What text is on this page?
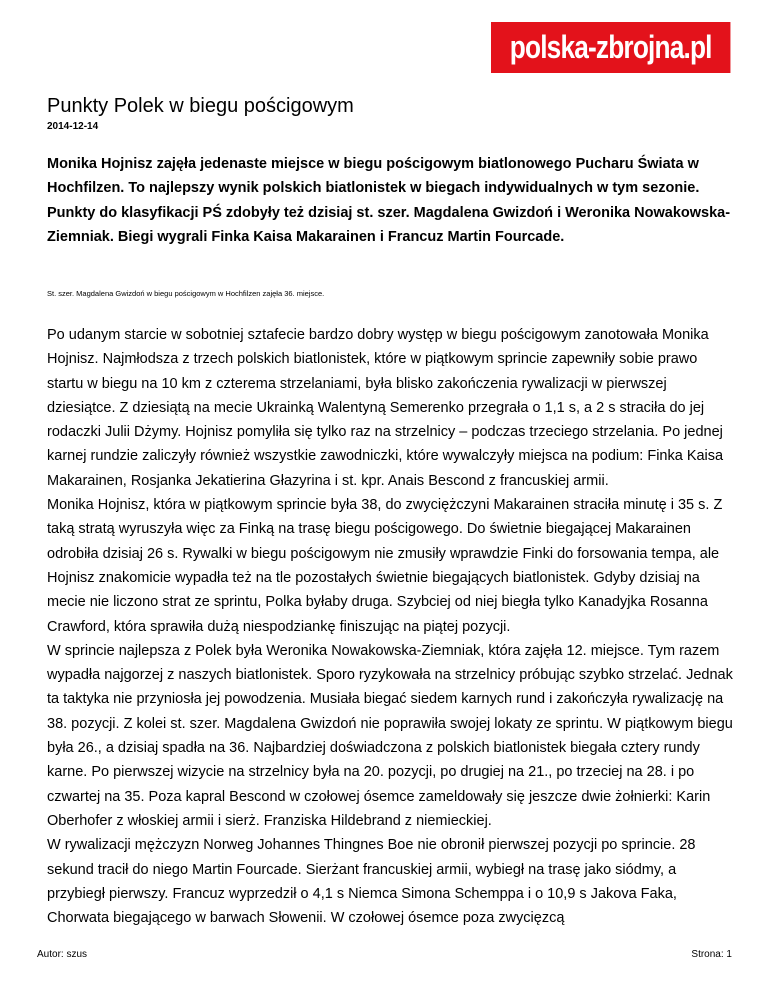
polska-zbrojna.pl
Punkty Polek w biegu pościgowym
2014-12-14

Monika Hojnisz zajęła jedenaste miejsce w biegu pościgowym biatlonowego Pucharu Świata w Hochfilzen. To najlepszy wynik polskich biatlonistek w biegach indywidualnych w tym sezonie. Punkty do klasyfikacji PŚ zdobyły też dzisiaj st. szer. Magdalena Gwizdoń i Weronika Nowakowska-Ziemniak. Biegi wygrali Finka Kaisa Makarainen i Francuz Martin Fourcade.

St. szer. Magdalena Gwizdoń w biegu pościgowym w Hochfilzen zajęła 36. miejsce.

Po udanym starcie w sobotniej sztafecie bardzo dobry występ w biegu pościgowym zanotowała Monika Hojnisz. Najmłodsza z trzech polskich biatlonistek, które w piątkowym sprincie zapewniły sobie prawo startu w biegu na 10 km z czterema strzelaniami, była blisko zakończenia rywalizacji w pierwszej dziesiątce. Z dziesiątą na mecie Ukrainką Walentyną Semerenko przegrała o 1,1 s, a 2 s straciła do jej rodaczki Julii Dżymy. Hojnisz pomyliła się tylko raz na strzelnicy – podczas trzeciego strzelania. Po jednej karnej rundzie zaliczyły również wszystkie zawodniczki, które wywalczyły miejsca na podium: Finka Kaisa Makarainen, Rosjanka Jekatierina Głazyrina i st. kpr. Anais Bescond z francuskiej armii.

Monika Hojnisz, która w piątkowym sprincie była 38, do zwyciężczyni Makarainen straciła minutę i 35 s. Z taką stratą wyruszyła więc za Finką na trasę biegu pościgowego. Do świetnie biegającej Makarainen odrobiła dzisiaj 26 s. Rywalki w biegu pościgowym nie zmusiły wprawdzie Finki do forsowania tempa, ale Hojnisz znakomicie wypadła też na tle pozostałych świetnie biegających biatlonistek. Gdyby dzisiaj na mecie nie liczono strat ze sprintu, Polka byłaby druga. Szybciej od niej biegła tylko Kanadyjka Rosanna Crawford, która sprawiła dużą niespodziankę finiszując na piątej pozycji.

W sprincie najlepsza z Polek była Weronika Nowakowska-Ziemniak, która zajęła 12. miejsce. Tym razem wypadła najgorzej z naszych biatlonistek. Sporo ryzykowała na strzelnicy próbując szybko strzelać. Jednak ta taktyka nie przyniosła jej powodzenia. Musiała biegać siedem karnych rund i zakończyła rywalizację na 38. pozycji. Z kolei st. szer. Magdalena Gwizdoń nie poprawiła swojej lokaty ze sprintu. W piątkowym biegu była 26., a dzisiaj spadła na 36. Najbardziej doświadczona z polskich biatlonistek biegała cztery rundy karne. Po pierwszej wizycie na strzelnicy była na 20. pozycji, po drugiej na 21., po trzeciej na 28. i po czwartej na 35. Poza kapral Bescond w czołowej ósemce zameldowały się jeszcze dwie żołnierki: Karin Oberhofer z włoskiej armii i sierż. Franziska Hildebrand z niemieckiej.

W rywalizacji mężczyzn Norweg Johannes Thingnes Boe nie obronił pierwszej pozycji po sprincie. 28 sekund tracił do niego Martin Fourcade. Sierżant francuskiej armii, wybiegł na trasę jako siódmy, a przybiegł pierwszy. Francuz wyprzedził o 4,1 s Niemca Simona Schemppa i o 10,9 s Jakova Faka, Chorwata biegającego w barwach Słowenii. W czołowej ósemce poza zwycięzcą

Autor: szus	Strona: 1
